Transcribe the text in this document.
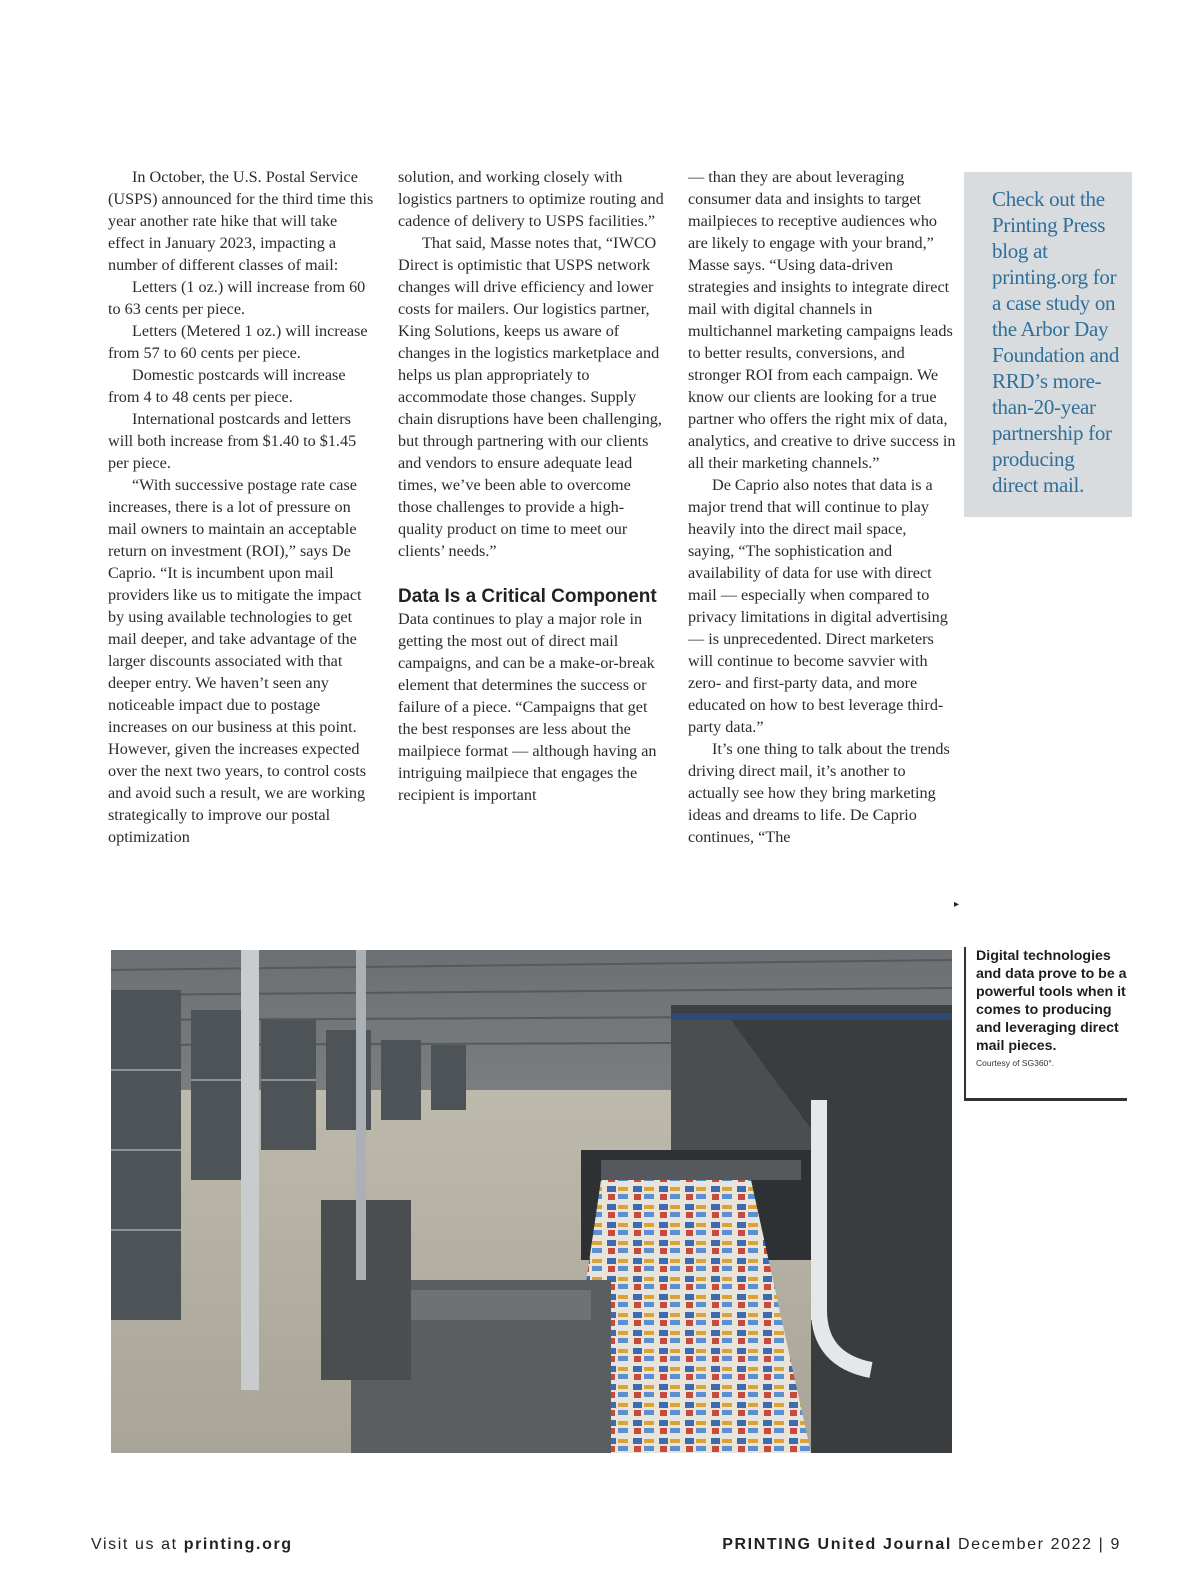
In October, the U.S. Postal Service (USPS) announced for the third time this year another rate hike that will take effect in January 2023, impacting a number of different classes of mail:

Letters (1 oz.) will increase from 60 to 63 cents per piece.

Letters (Metered 1 oz.) will increase from 57 to 60 cents per piece.

Domestic postcards will increase from 4 to 48 cents per piece.

International postcards and letters will both increase from $1.40 to $1.45 per piece.

“With successive postage rate case increases, there is a lot of pressure on mail owners to maintain an acceptable return on investment (ROI),” says De Caprio. “It is incumbent upon mail providers like us to mitigate the impact by using available technologies to get mail deeper, and take advantage of the larger discounts associated with that deeper entry. We haven’t seen any noticeable impact due to postage increases on our business at this point. However, given the increases expected over the next two years, to control costs and avoid such a result, we are working strategically to improve our postal optimization

solution, and working closely with logistics partners to optimize routing and cadence of delivery to USPS facilities.”

That said, Masse notes that, “IWCO Direct is optimistic that USPS network changes will drive efficiency and lower costs for mailers. Our logistics partner, King Solutions, keeps us aware of changes in the logistics marketplace and helps us plan appropriately to accommodate those changes. Supply chain disruptions have been challenging, but through partnering with our clients and vendors to ensure adequate lead times, we’ve been able to overcome those challenges to provide a high-quality product on time to meet our clients’ needs.”

Data Is a Critical Component

Data continues to play a major role in getting the most out of direct mail campaigns, and can be a make-or-break element that determines the success or failure of a piece. “Campaigns that get the best responses are less about the mailpiece format — although having an intriguing mailpiece that engages the recipient is important

— than they are about leveraging consumer data and insights to target mailpieces to receptive audiences who are likely to engage with your brand,” Masse says. “Using data-driven strategies and insights to integrate direct mail with digital channels in multichannel marketing campaigns leads to better results, conversions, and stronger ROI from each campaign. We know our clients are looking for a true partner who offers the right mix of data, analytics, and creative to drive success in all their marketing channels.”

De Caprio also notes that data is a major trend that will continue to play heavily into the direct mail space, saying, “The sophistication and availability of data for use with direct mail — especially when compared to privacy limitations in digital advertising — is unprecedented. Direct marketers will continue to become savvier with zero- and first-party data, and more educated on how to best leverage third-party data.”

It’s one thing to talk about the trends driving direct mail, it’s another to actually see how they bring marketing ideas and dreams to life. De Caprio continues, “The

▸
Check out the Printing Press blog at printing.org for a case study on the Arbor Day Foundation and RRD’s more-than-20-year partnership for producing direct mail.

Digital technologies and data prove to be a powerful tools when it comes to producing and leveraging direct mail pieces.

Courtesy of SG360°.
Visit us at printing.org	PRINTING United Journal December 2022 | 9
